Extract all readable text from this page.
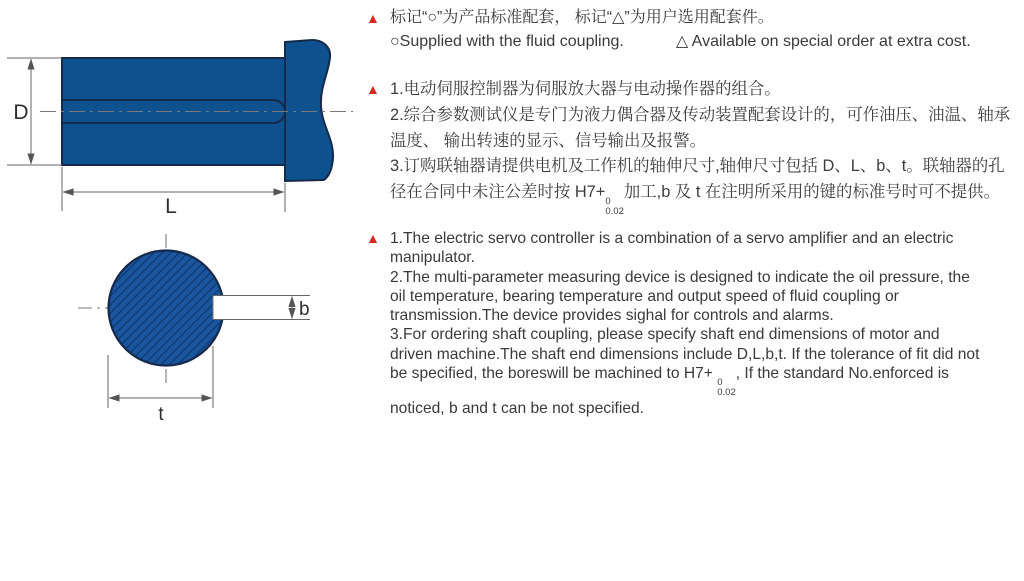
D
L
b
t
▲ 标记“○”为产品标准配套， 标记“△”为用户选用配套件。
○Supplied with the fluid coupling.	△ Available on special order at extra cost.
▲ 1.电动伺服控制器为伺服放大器与电动操作器的组合。
2.综合参数测试仪是专门为液力偶合器及传动装置配套设计的，可作油压、油温、轴承
温度、 输出转速的显示、信号输出及报警。
3.订购联轴器请提供电机及工作机的轴伸尺寸,轴伸尺寸包括 D、L、b、t。联轴器的孔
径在合同中未注公差时按 H7+
0
0.02
加工,b 及 t 在注明所采用的键的标准号时可不提供。
▲ 1.The electric servo controller is a combination of a servo amplifier and an electric
manipulator.
2.The multi-parameter measuring device is designed to indicate the oil pressure, the
oil temperature, bearing temperature and output speed of fluid coupling or
transmission.The device provides sighal for controls and alarms.
3.For ordering shaft coupling, please specify shaft end dimensions of motor and
driven machine.The shaft end dimensions include D,L,b,t. If the tolerance of fit did not
be specified, the boreswill be machined to H7+
0
0.02
, If the standard No.enforced is
noticed, b and t can be not specified.
